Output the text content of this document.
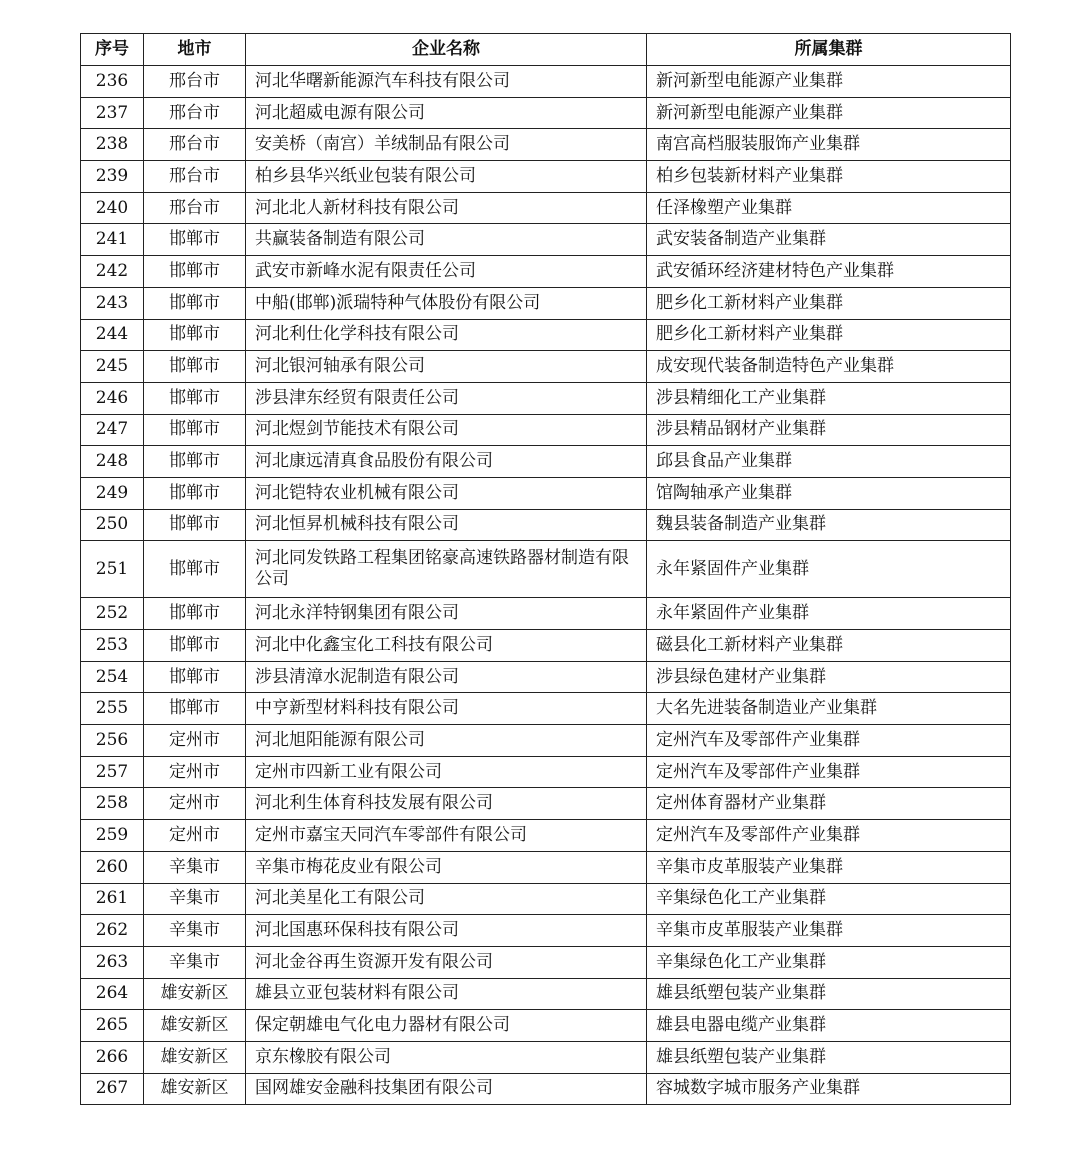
序号	地市	企业名称	所属集群
236	邢台市	河北华曙新能源汽车科技有限公司	新河新型电能源产业集群
237	邢台市	河北超威电源有限公司	新河新型电能源产业集群
238	邢台市	安美桥（南宫）羊绒制品有限公司	南宫高档服装服饰产业集群
239	邢台市	柏乡县华兴纸业包装有限公司	柏乡包装新材料产业集群
240	邢台市	河北北人新材科技有限公司	任泽橡塑产业集群
241	邯郸市	共赢装备制造有限公司	武安装备制造产业集群
242	邯郸市	武安市新峰水泥有限责任公司	武安循环经济建材特色产业集群
243	邯郸市	中船(邯郸)派瑞特种气体股份有限公司	肥乡化工新材料产业集群
244	邯郸市	河北利仕化学科技有限公司	肥乡化工新材料产业集群
245	邯郸市	河北银河轴承有限公司	成安现代装备制造特色产业集群
246	邯郸市	涉县津东经贸有限责任公司	涉县精细化工产业集群
247	邯郸市	河北煜剑节能技术有限公司	涉县精品钢材产业集群
248	邯郸市	河北康远清真食品股份有限公司	邱县食品产业集群
249	邯郸市	河北铠特农业机械有限公司	馆陶轴承产业集群
250	邯郸市	河北恒昇机械科技有限公司	魏县装备制造产业集群
251	邯郸市	河北同发铁路工程集团铭豪高速铁路器材制造有限公司	永年紧固件产业集群
252	邯郸市	河北永洋特钢集团有限公司	永年紧固件产业集群
253	邯郸市	河北中化鑫宝化工科技有限公司	磁县化工新材料产业集群
254	邯郸市	涉县清漳水泥制造有限公司	涉县绿色建材产业集群
255	邯郸市	中亨新型材料科技有限公司	大名先进装备制造业产业集群
256	定州市	河北旭阳能源有限公司	定州汽车及零部件产业集群
257	定州市	定州市四新工业有限公司	定州汽车及零部件产业集群
258	定州市	河北利生体育科技发展有限公司	定州体育器材产业集群
259	定州市	定州市嘉宝天同汽车零部件有限公司	定州汽车及零部件产业集群
260	辛集市	辛集市梅花皮业有限公司	辛集市皮革服装产业集群
261	辛集市	河北美星化工有限公司	辛集绿色化工产业集群
262	辛集市	河北国惠环保科技有限公司	辛集市皮革服装产业集群
263	辛集市	河北金谷再生资源开发有限公司	辛集绿色化工产业集群
264	雄安新区	雄县立亚包装材料有限公司	雄县纸塑包装产业集群
265	雄安新区	保定朝雄电气化电力器材有限公司	雄县电器电缆产业集群
266	雄安新区	京东橡胶有限公司	雄县纸塑包装产业集群
267	雄安新区	国网雄安金融科技集团有限公司	容城数字城市服务产业集群
